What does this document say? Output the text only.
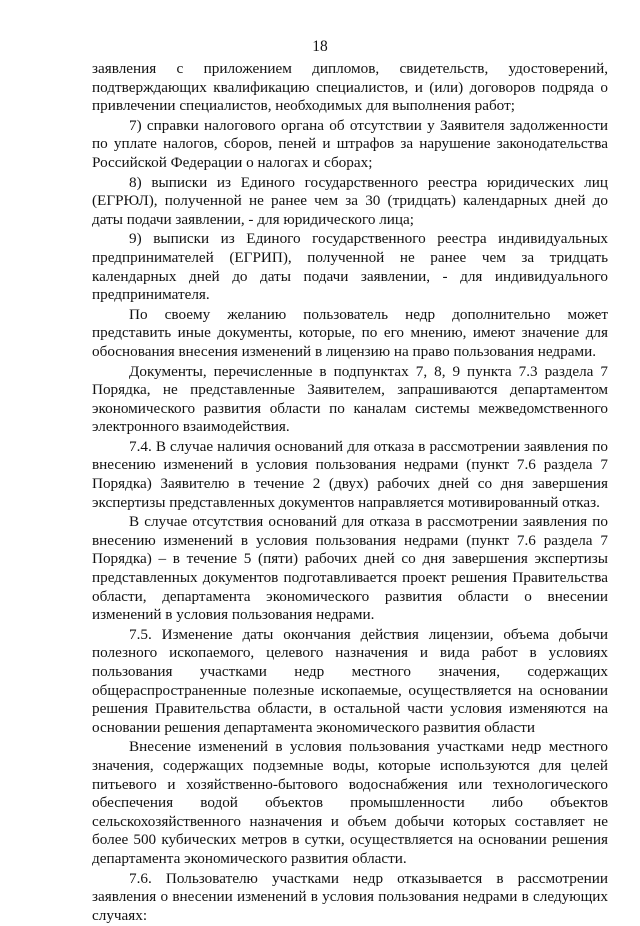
18

заявления с приложением дипломов, свидетельств, удостоверений, подтверждающих квалификацию специалистов, и (или) договоров подряда о привлечении специалистов, необходимых для выполнения работ;

7) справки налогового органа об отсутствии у Заявителя задолженности по уплате налогов, сборов, пеней и штрафов за нарушение законодательства Российской Федерации о налогах и сборах;

8) выписки из Единого государственного реестра юридических лиц (ЕГРЮЛ), полученной не ранее чем за 30 (тридцать) календарных дней до даты подачи заявлении, - для юридического лица;

9) выписки из Единого государственного реестра индивидуальных предпринимателей (ЕГРИП), полученной не ранее чем за тридцать календарных дней до даты подачи заявлении, - для индивидуального предпринимателя.

По своему желанию пользователь недр дополнительно может представить иные документы, которые, по его мнению, имеют значение для обоснования внесения изменений в лицензию на право пользования недрами.

Документы, перечисленные в подпунктах 7, 8, 9 пункта 7.3 раздела 7 Порядка, не представленные Заявителем, запрашиваются департаментом экономического развития области по каналам системы межведомственного электронного взаимодействия.

7.4. В случае наличия оснований для отказа в рассмотрении заявления по внесению изменений в условия пользования недрами (пункт 7.6 раздела 7 Порядка) Заявителю в течение 2 (двух) рабочих дней со дня завершения экспертизы представленных документов направляется мотивированный отказ.

В случае отсутствия оснований для отказа в рассмотрении заявления по внесению изменений в условия пользования недрами (пункт 7.6 раздела 7 Порядка) – в течение 5 (пяти) рабочих дней со дня завершения экспертизы представленных документов подготавливается проект решения Правительства области, департамента экономического развития области о внесении изменений в условия пользования недрами.

7.5. Изменение даты окончания действия лицензии, объема добычи полезного ископаемого, целевого назначения и вида работ в условиях пользования участками недр местного значения, содержащих общераспространенные полезные ископаемые, осуществляется на основании решения Правительства области, в остальной части условия изменяются на основании решения департамента экономического развития области

Внесение изменений в условия пользования участками недр местного значения, содержащих подземные воды, которые используются для целей питьевого и хозяйственно-бытового водоснабжения или технологического обеспечения водой объектов промышленности либо объектов сельскохозяйственного назначения и объем добычи которых составляет не более 500 кубических метров в сутки, осуществляется на основании решения департамента экономического развития области.

7.6. Пользователю участками недр отказывается в рассмотрении заявления о внесении изменений в условия пользования недрами в следующих случаях:
